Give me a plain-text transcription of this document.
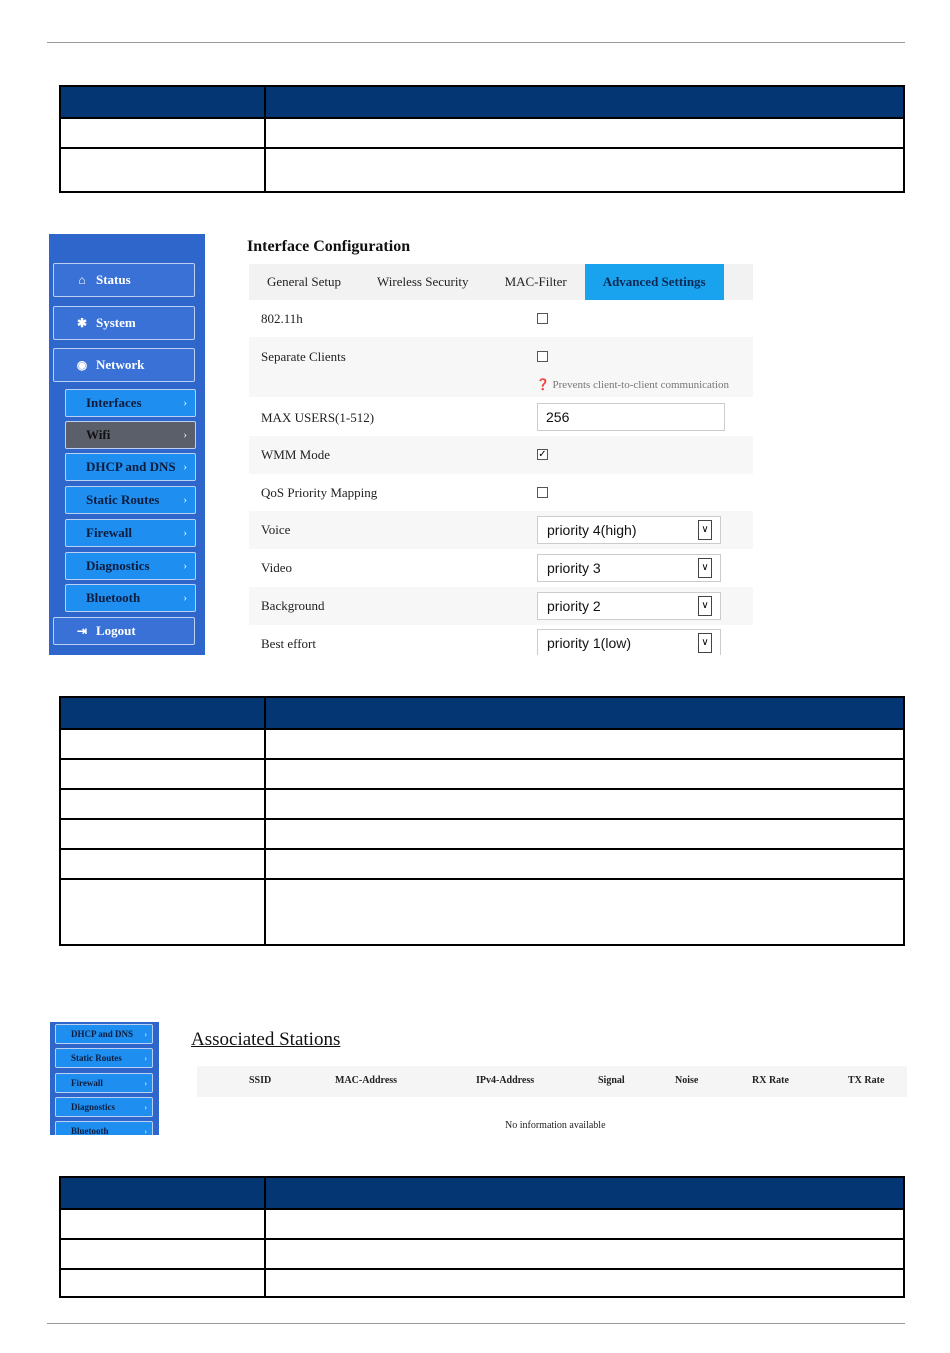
⌂ Status
✱ System
◉ Network
Interfaces	›
Wifi	›
DHCP and DNS ›
Static Routes ›
Firewall	›
Diagnostics	›
Bluetooth	›
⇥ Logout
Interface Configuration
General Setup	Wireless Security	MAC-Filter	Advanced Settings
802.11h
Separate Clients
❓ Prevents client-to-client communication
MAX USERS(1-512)	256
WMM Mode	✓
QoS Priority Mapping
Voice	priority 4(high)	∨
Video	priority 3	∨
Background	priority 2	∨
Best effort	priority 1(low)	∨
DHCP and DNS ›
Static Routes	›
Firewall	›
Diagnostics	›
Bluetooth	›
Associated Stations
SSID	MAC-Address	IPv4-Address	Signal	Noise	RX Rate	TX Rate
No information available
